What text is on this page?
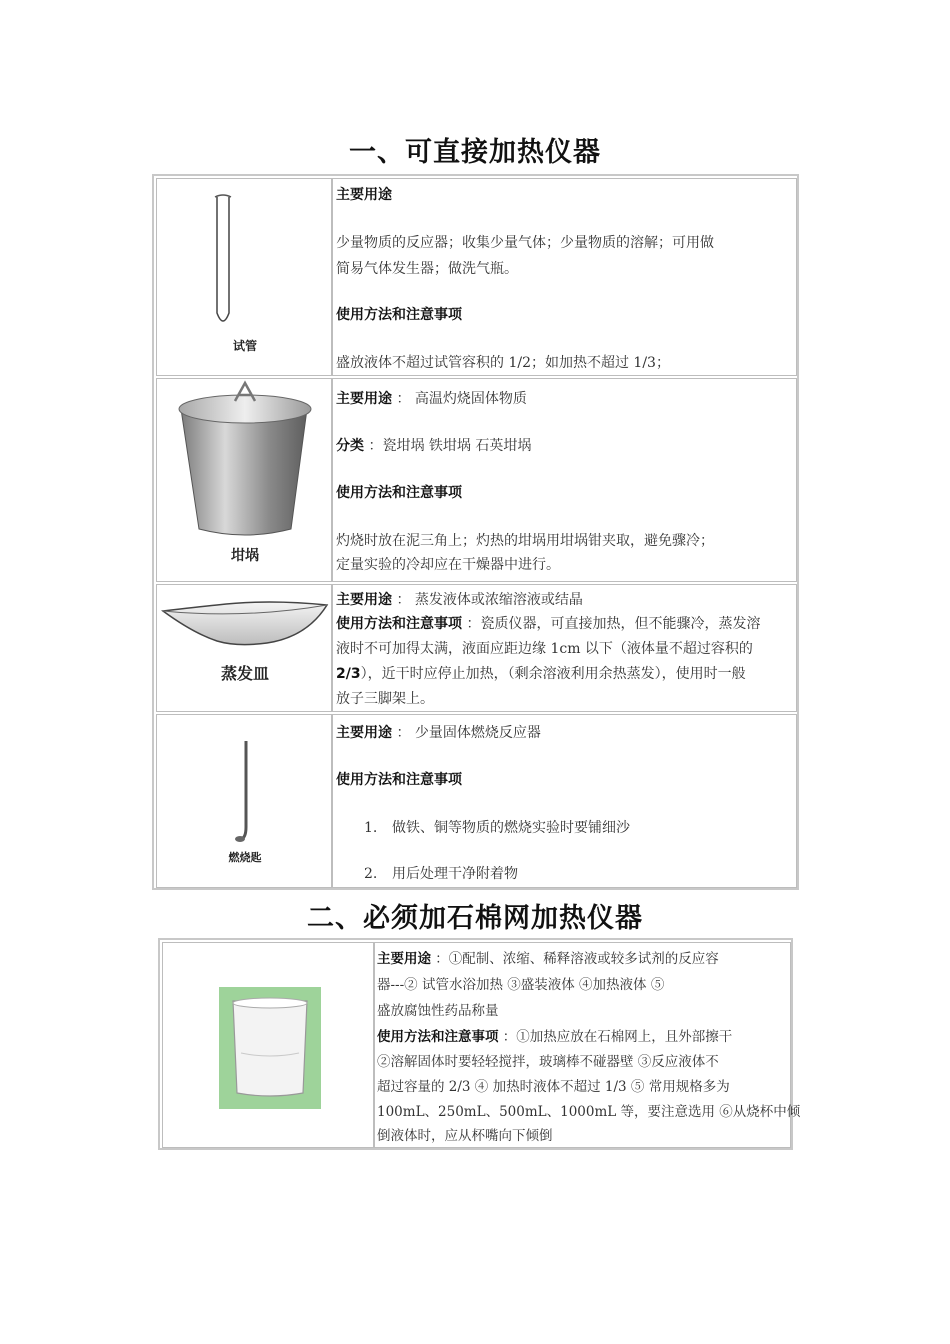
一、可直接加热仪器
试管
主要用途
少量物质的反应器；收集少量气体；少量物质的溶解；可用做
简易气体发生器；做洗气瓶。
使用方法和注意事项
盛放液体不超过试管容积的 1/2；如加热不超过 1/3；
坩埚
主要用途 ： 高温灼烧固体物质
分类 ：瓷坩埚 铁坩埚 石英坩埚
使用方法和注意事项
灼烧时放在泥三角上；灼热的坩埚用坩埚钳夹取，避免骤冷；
定量实验的冷却应在干燥器中进行。
蒸发皿
主要用途 ： 蒸发液体或浓缩溶液或结晶
使用方法和注意事项 ：瓷质仪器，可直接加热，但不能骤冷，蒸发溶
液时不可加得太满，液面应距边缘 1cm 以下（液体量不超过容积的
2/3），近干时应停止加热，（剩余溶液利用余热蒸发），使用时一般
放子三脚架上。
燃烧匙
主要用途 ： 少量固体燃烧反应器
使用方法和注意事项
1. 做铁、铜等物质的燃烧实验时要铺细沙
2. 用后处理干净附着物
二、必须加石棉网加热仪器
主要用途 ：①配制、浓缩、稀释溶液或较多试剂的反应容
器---② 试管水浴加热 ③盛装液体 ④加热液体 ⑤
盛放腐蚀性药品称量
使用方法和注意事项 ：①加热应放在石棉网上，且外部擦干
②溶解固体时要轻轻搅拌，玻璃棒不碰器壁 ③反应液体不
超过容量的 2/3 ④ 加热时液体不超过 1/3 ⑤ 常用规格多为
100mL、250mL、500mL、1000mL 等，要注意选用 ⑥从烧杯中倾
倒液体时，应从杯嘴向下倾倒
